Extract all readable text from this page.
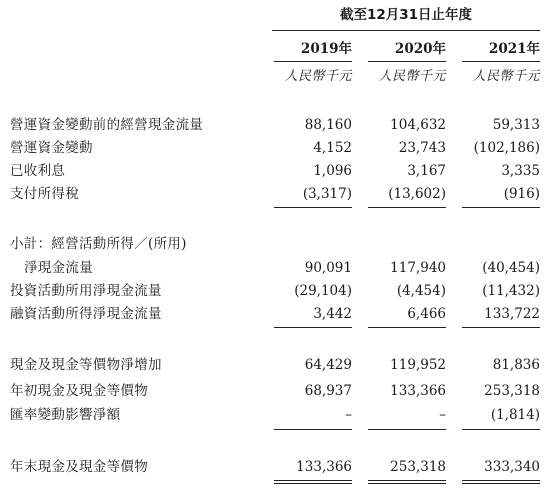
截至12月31日止年度
2019年	2020年	2021年
人民幣千元	人民幣千元	人民幣千元
營運資金變動前的經營現金流量	88,160	104,632	59,313
營運資金變動	4,152	23,743	(102,186)
已收利息	1,096	3,167	3,335
支付所得稅	(3,317)	(13,602)	(916)
小計：經營活動所得／(所用)
淨現金流量	90,091	117,940	(40,454)
投資活動所用淨現金流量	(29,104)	(4,454)	(11,432)
融資活動所得淨現金流量	3,442	6,466	133,722
現金及現金等價物淨增加	64,429	119,952	81,836
年初現金及現金等價物	68,937	133,366	253,318
匯率變動影響淨額	–	–	(1,814)
年末現金及現金等價物	133,366	253,318	333,340
